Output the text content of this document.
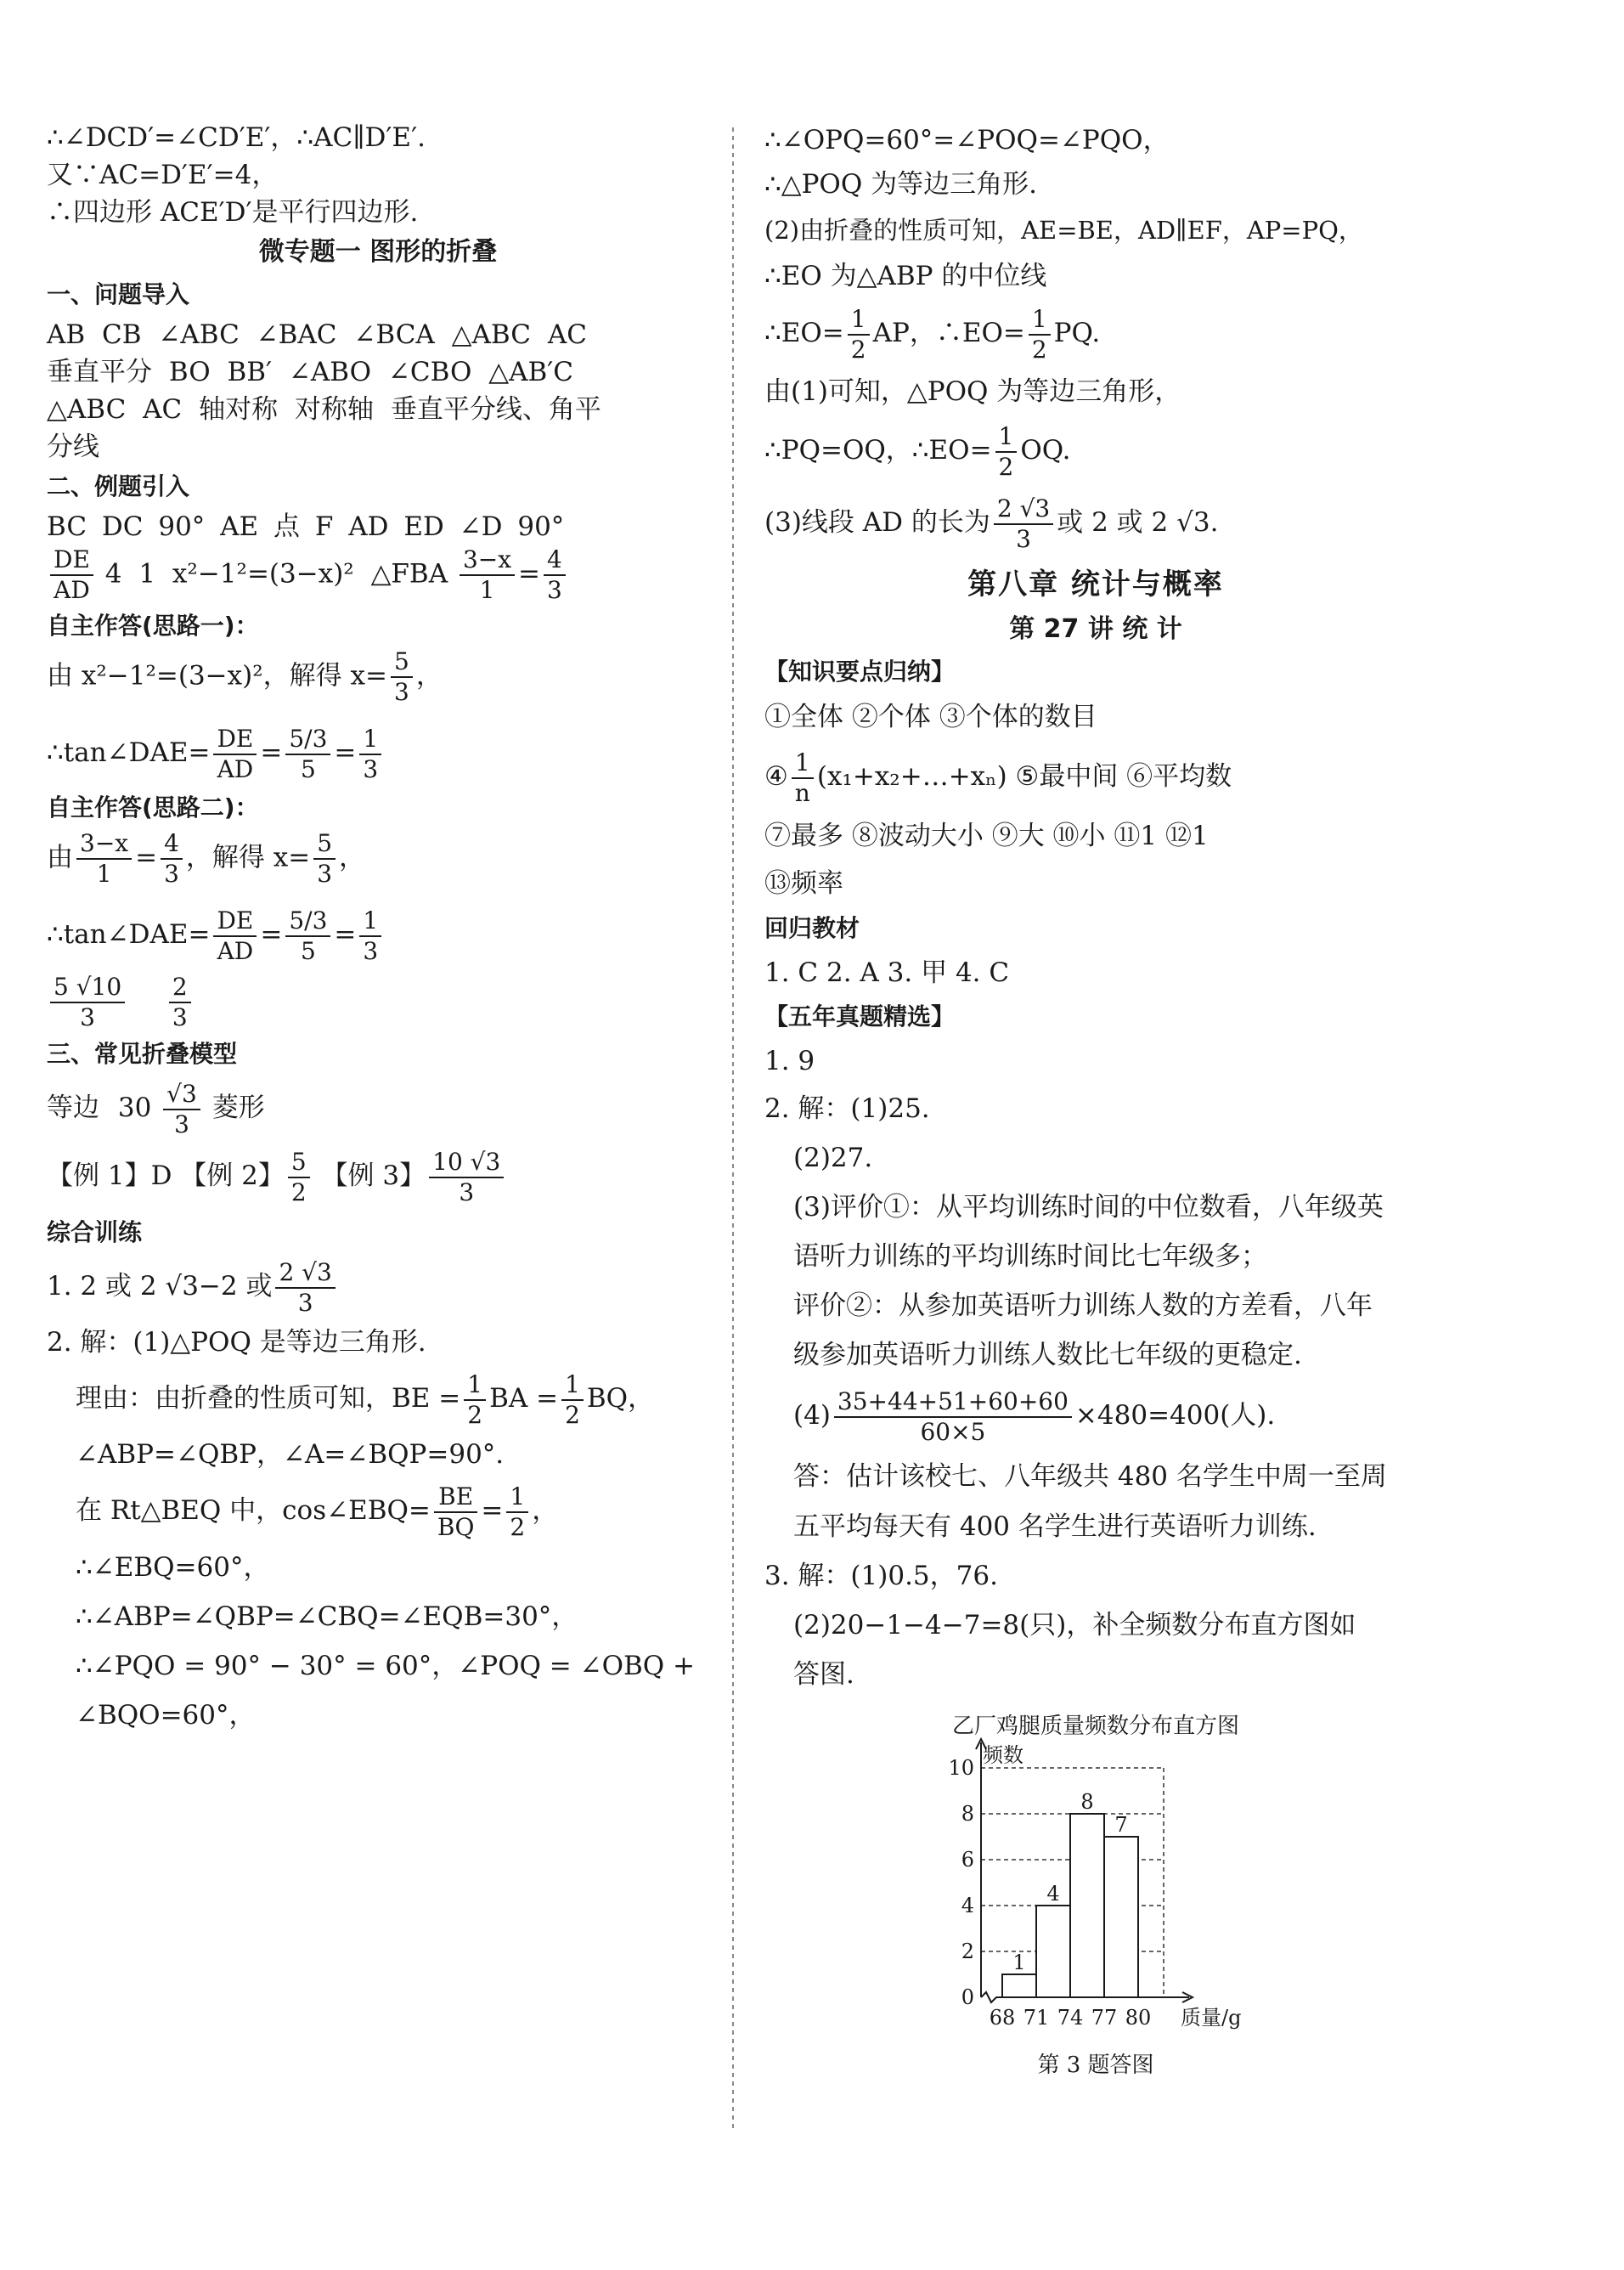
∴∠DCD′=∠CD′E′，∴AC∥D′E′.
又∵AC=D′E′=4，
∴四边形 ACE′D′是平行四边形.
微专题一 图形的折叠
一、问题导入
AB CB ∠ABC ∠BAC ∠BCA △ABC AC
垂直平分 BO BB′ ∠ABO ∠CBO △AB′C
△ABC AC 轴对称 对称轴 垂直平分线、角平
分线
二、例题引入
BC DC 90° AE 点 F AD ED ∠D 90°
$\frac{DE}{AD} 4$ 1 x²−1²=(3−x)² △FBA $\frac{3-x}{1} = \frac{4}{3}$
自主作答(思路一)：
由 x²−1²=(3−x)²，解得 $x= \frac{5}{3}$ ，
∴tan∠DAE= $\frac{DE}{AD} = \frac{5/3}{5} = \frac{1}{3}$
自主作答(思路二)：
由 $\frac{3-x}{1} = \frac{4}{3}$ ，解得 $x= \frac{5}{3}$ ，
∴tan∠DAE= $\frac{DE}{AD} = \frac{5/3}{5} = \frac{1}{3}$
$\frac{5 √10}{3}$
$\frac{2}{3}$
三、常见折叠模型
等边 $30 \frac{√3}{3}$ 菱形
【例 1】D 【例 2】 $\frac{5}{2}$ 【例 3】 $\frac{10 √3}{3}$
综合训练
1. 2 或 2 √3−2 或 $\frac{2 √3}{3}$
2. 解：(1)△POQ 是等边三角形.
理由：由折叠的性质可知，BE = $\frac{1}{2}$ BA = $\frac{1}{2}$ BQ，
∠ABP=∠QBP，∠A=∠BQP=90°.
在 Rt△BEQ 中，cos∠EBQ= $\frac{BE}{BQ} = \frac{1}{2}$ ，
∴∠EBQ=60°，
∴∠ABP=∠QBP=∠CBQ=∠EQB=30°，
∴∠PQO = 90° − 30° = 60°，∠POQ = ∠OBQ +
∠BQO=60°，
∴∠OPQ=60°=∠POQ=∠PQO，
∴△POQ 为等边三角形.
(2)由折叠的性质可知，AE=BE，AD∥EF，AP=PQ，
∴EO 为△ABP 的中位线
∴EO= $\frac{1}{2}$ AP，∴EO= $\frac{1}{2}$ PQ.
由(1)可知，△POQ 为等边三角形，
∴PQ=OQ，∴EO= $\frac{1}{2}$ OQ.
(3)线段 AD 的长为 $\frac{2 √3}{3}$ 或 2 或 2 √3.
第八章 统计与概率
第 27 讲 统 计
【知识要点归纳】
①全体 ②个体 ③个体的数目
④ $\frac{1}{n}$ (x₁+x₂+…+xₙ) ⑤最中间 ⑥平均数
⑦最多 ⑧波动大小 ⑨大 ⑩小 ⑪1 ⑫1
⑬频率
回归教材
1. C 2. A 3. 甲 4. C
【五年真题精选】
1. 9
2. 解：(1)25.
(2)27.
(3)评价①：从平均训练时间的中位数看，八年级英
语听力训练的平均训练时间比七年级多；
评价②：从参加英语听力训练人数的方差看，八年
级参加英语听力训练人数比七年级的更稳定.
$(4) \frac{35+44+51+60+60}{60\times 5} \times 480=400$(人).
答：估计该校七、八年级共 480 名学生中周一至周
五平均每天有 400 名学生进行英语听力训练.
3. 解：(1)0.5，76.
(2)20−1−4−7=8(只)，补全频数分布直方图如
答图.
乙厂鸡腿质量频数分布直方图
频数
0
2
4
6
8
10
1
4
8
7
68 71 74 77 80 质量/g
第 3 题答图
